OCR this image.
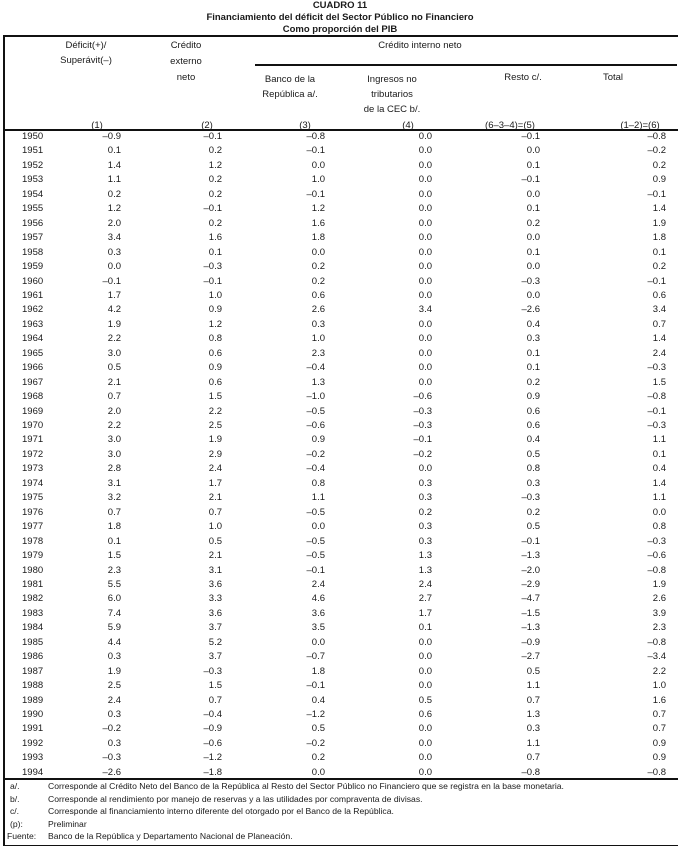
CUADRO 11
Financiamiento del déficit del Sector Público no Financiero
Como proporción del PIB
Déficit(+)/
Superávit(–)
Crédito
externo
neto
Crédito interno neto
Banco de la
República a/.
Ingresos no
tributarios
de la CEC b/.
Resto c/.	Total
(1)	(2)	(3)	(4)	(6–3–4)=(5)	(1–2)=(6)
1950	–0.9	–0.1	–0.8	0.0	–0.1	–0.8
1951	0.1	0.2	–0.1	0.0	0.0	–0.2
1952	1.4	1.2	0.0	0.0	0.1	0.2
1953	1.1	0.2	1.0	0.0	–0.1	0.9
1954	0.2	0.2	–0.1	0.0	0.0	–0.1
1955	1.2	–0.1	1.2	0.0	0.1	1.4
1956	2.0	0.2	1.6	0.0	0.2	1.9
1957	3.4	1.6	1.8	0.0	0.0	1.8
1958	0.3	0.1	0.0	0.0	0.1	0.1
1959	0.0	–0.3	0.2	0.0	0.0	0.2
1960	–0.1	–0.1	0.2	0.0	–0.3	–0.1
1961	1.7	1.0	0.6	0.0	0.0	0.6
1962	4.2	0.9	2.6	3.4	–2.6	3.4
1963	1.9	1.2	0.3	0.0	0.4	0.7
1964	2.2	0.8	1.0	0.0	0.3	1.4
1965	3.0	0.6	2.3	0.0	0.1	2.4
1966	0.5	0.9	–0.4	0.0	0.1	–0.3
1967	2.1	0.6	1.3	0.0	0.2	1.5
1968	0.7	1.5	–1.0	–0.6	0.9	–0.8
1969	2.0	2.2	–0.5	–0.3	0.6	–0.1
1970	2.2	2.5	–0.6	–0.3	0.6	–0.3
1971	3.0	1.9	0.9	–0.1	0.4	1.1
1972	3.0	2.9	–0.2	–0.2	0.5	0.1
1973	2.8	2.4	–0.4	0.0	0.8	0.4
1974	3.1	1.7	0.8	0.3	0.3	1.4
1975	3.2	2.1	1.1	0.3	–0.3	1.1
1976	0.7	0.7	–0.5	0.2	0.2	0.0
1977	1.8	1.0	0.0	0.3	0.5	0.8
1978	0.1	0.5	–0.5	0.3	–0.1	–0.3
1979	1.5	2.1	–0.5	1.3	–1.3	–0.6
1980	2.3	3.1	–0.1	1.3	–2.0	–0.8
1981	5.5	3.6	2.4	2.4	–2.9	1.9
1982	6.0	3.3	4.6	2.7	–4.7	2.6
1983	7.4	3.6	3.6	1.7	–1.5	3.9
1984	5.9	3.7	3.5	0.1	–1.3	2.3
1985	4.4	5.2	0.0	0.0	–0.9	–0.8
1986	0.3	3.7	–0.7	0.0	–2.7	–3.4
1987	1.9	–0.3	1.8	0.0	0.5	2.2
1988	2.5	1.5	–0.1	0.0	1.1	1.0
1989	2.4	0.7	0.4	0.5	0.7	1.6
1990	0.3	–0.4	–1.2	0.6	1.3	0.7
1991	–0.2	–0.9	0.5	0.0	0.3	0.7
1992	0.3	–0.6	–0.2	0.0	1.1	0.9
1993	–0.3	–1.2	0.2	0.0	0.7	0.9
1994	–2.6	–1.8	0.0	0.0	–0.8	–0.8
a/.	Corresponde al Crédito Neto del Banco de la República al Resto del Sector Público no Financiero que se registra en la base monetaria.
b/.	Corresponde al rendimiento por manejo de reservas y a las utilidades por compraventa de divisas.
c/.	Corresponde al financiamiento interno diferente del otorgado por el Banco de la República.
(p):	Preliminar
Fuente: Banco de la República y Departamento Nacional de Planeación.
